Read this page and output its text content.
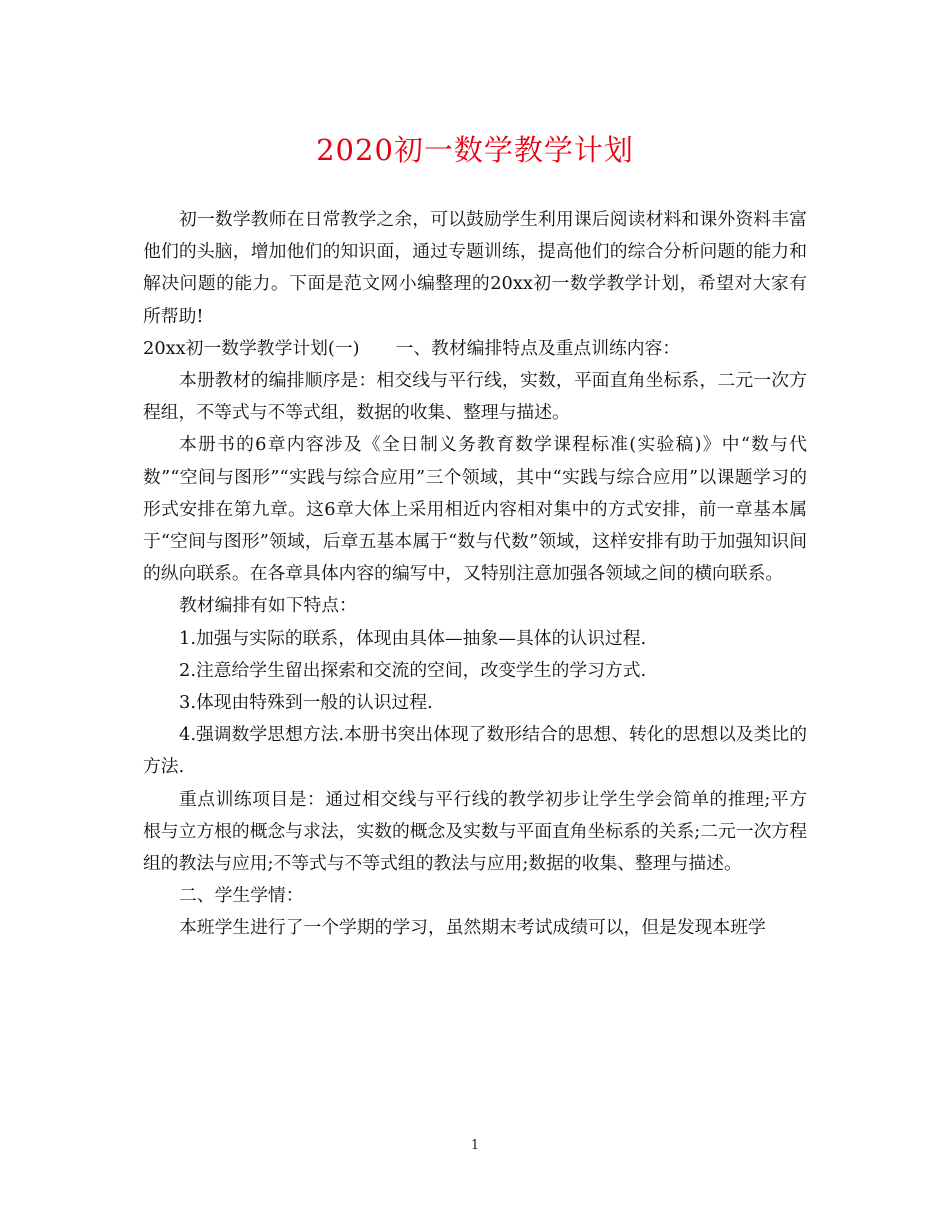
2020初一数学教学计划

初一数学教师在日常教学之余，可以鼓励学生利用课后阅读材料和课外资料丰富他们的头脑，增加他们的知识面，通过专题训练，提高他们的综合分析问题的能力和解决问题的能力。下面是范文网小编整理的20xx初一数学教学计划，希望对大家有所帮助!

20xx初一数学教学计划(一) 一、教材编排特点及重点训练内容：

本册教材的编排顺序是：相交线与平行线，实数，平面直角坐标系，二元一次方程组，不等式与不等式组，数据的收集、整理与描述。

本册书的6章内容涉及《全日制义务教育数学课程标准(实验稿)》中“数与代数”“空间与图形”“实践与综合应用”三个领域，其中“实践与综合应用”以课题学习的形式安排在第九章。这6章大体上采用相近内容相对集中的方式安排，前一章基本属于“空间与图形”领域，后章五基本属于“数与代数”领域，这样安排有助于加强知识间的纵向联系。在各章具体内容的编写中，又特别注意加强各领域之间的横向联系。

教材编排有如下特点：

1.加强与实际的联系，体现由具体—抽象—具体的认识过程.

2.注意给学生留出探索和交流的空间，改变学生的学习方式.

3.体现由特殊到一般的认识过程.

4.强调数学思想方法.本册书突出体现了数形结合的思想、转化的思想以及类比的方法.

重点训练项目是：通过相交线与平行线的教学初步让学生学会简单的推理;平方根与立方根的概念与求法，实数的概念及实数与平面直角坐标系的关系;二元一次方程组的教法与应用;不等式与不等式组的教法与应用;数据的收集、整理与描述。

二、学生学情：

本班学生进行了一个学期的学习，虽然期末考试成绩可以，但是发现本班学

1
